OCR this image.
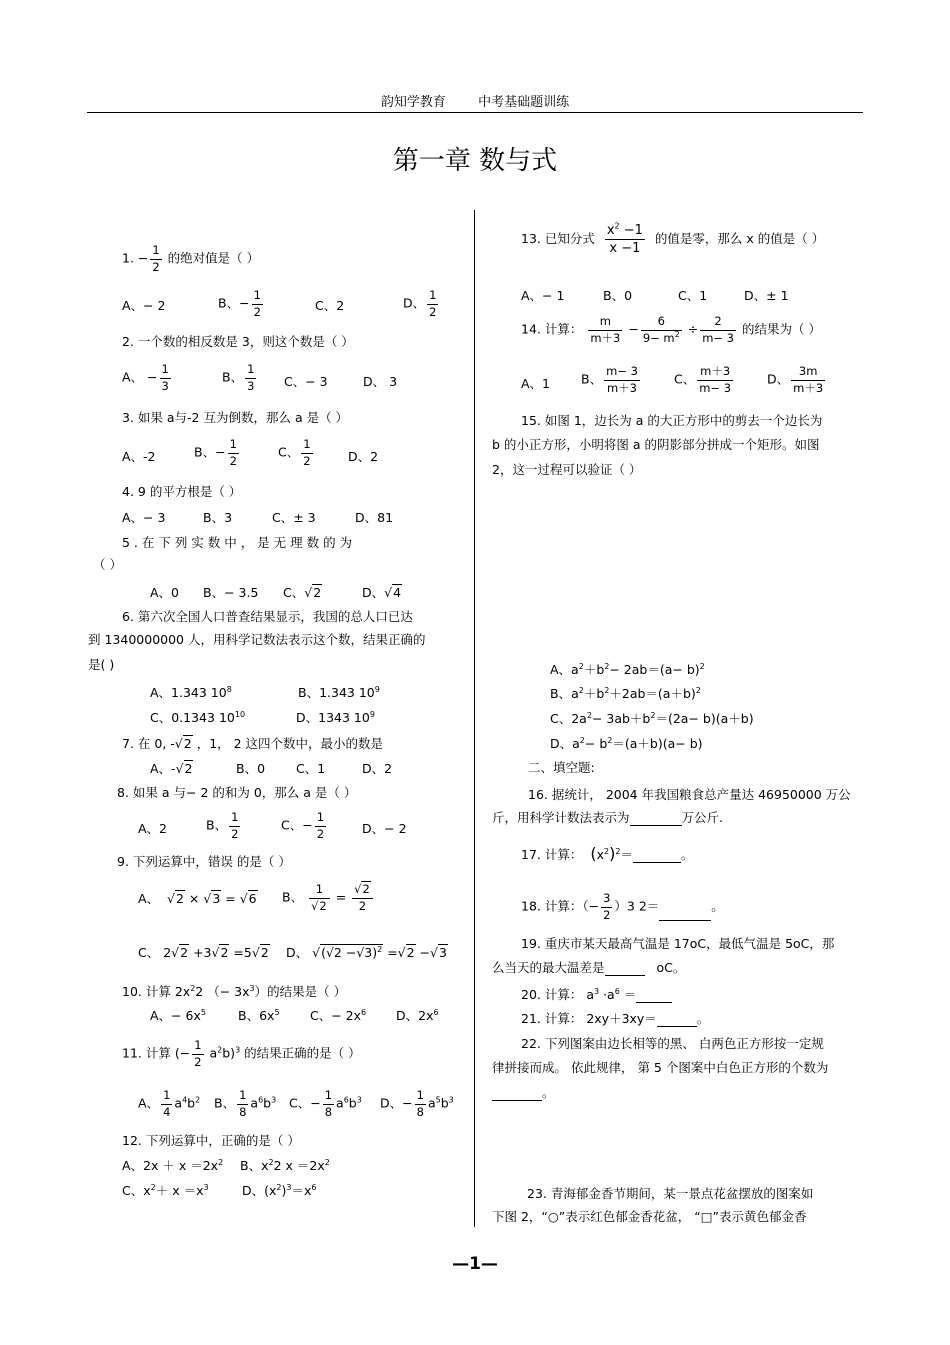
韵知学教育 中考基础题训练
第一章 数与式
1. − $\frac{1}{2}$ 的绝对值是（ ）
A、− 2	B、− $\frac{1}{2}$	C、2	D、 $\frac{1}{2}$
2. 一个数的相反数是 3，则这个数是（ ）
A、 − $\frac{1}{3}$	B、 $\frac{1}{3}$ C、− 3	D、 3
3. 如果 a与-2 互为倒数，那么 a 是（ ）
A、-2	B、− $\frac{1}{2}$	C、 $\frac{1}{2}$	D、2
4. 9 的平方根是（ ）
A、− 3	B、3	C、± 3	D、81
5 . 在 下 列 实 数 中 ， 是 无 理 数 的 为
（ ）
A、0 B、− 3.5 C、√2	D、√4
6. 第六次全国人口普查结果显示，我国的总人口已达
到 1340000000 人，用科学记数法表示这个数，结果正确的
是( )
A、1.343 $10^8$	B、1.343 $10^9$
C、0.1343 $10^{10}$	D、1343 $10^9$
7. 在 0, -√2 ，1， 2 这四个数中，最小的数是
A、-√2	B、0 C、1	D、2
8. 如果 a 与− 2 的和为 0，那么 a 是（ ）
A、2	B、 $\frac{1}{2}$	C、− $\frac{1}{2}$	D、− 2
9. 下列运算中，错误 的是（ ）
A、  √2 × √3 = √6 B、 $\frac{1}{√2} = \frac{√2}{2}$
C、 2√2 +3√2 =5√2 D、 $√(√2 -√3)^2 =√2 -√3$
10. 计算 $2x^22$ （− $3x^3$）的结果是（ ）
A、− $6x^5$	B、$6x^5$ C、− $2x^6$ D、$2x^6$
11. 计算 (− $\frac{1}{2} a^2b)^3$ 的结果正确的是（ ）
A、 $\frac{1}{4} a^4b^2$ B、 $\frac{1}{8} a^6b^3$ C、− $\frac{1}{8} a^6b^3$ D、− $\frac{1}{8} a^5b^3$
12. 下列运算中，正确的是（ ）
A、$2x + x =2x^2$ B、$x^22$ $x =2x^2$
C、$x^2+ x =x^3$	D、$(x^2)^3=x^6$
13. 已知分式 $\frac{x^2 -1}{x -1}$ 的值是零，那么 x 的值是（ ）
A、− 1	B、0	C、1	D、± 1
14. 计算： $\frac{m}{m+3} - \frac{6}{9- m^2} \div \frac{2}{m- 3}$ 的结果为（ ）
A、1 B、 $\frac{m- 3}{m+3}$	C、 $\frac{m+3}{m- 3}$	D、 $\frac{3m}{m+3}$
15. 如图 1，边长为 a 的大正方形中的剪去一个边长为
b 的小正方形，小明将图 a 的阴影部分拼成一个矩形。如图
2，这一过程可以验证（ ）
A、$a^2+b^2- 2ab=(a- b)^2$
B、$a^2+b^2+2ab=(a+b)^2$
C、$2a^2- 3ab+b^2=(2a- b)(a+b)$
D、$a^2- b^2=(a+b)(a- b)$
二、填空题:
16. 据统计， 2004 年我国粮食总产量达 46950000 万公
斤，用科学计数法表示为	万公斤.
17. 计算： $(x^2)^2=$	。
18. 计算：（− $\frac{3}{2} )3$ 2＝	。
19. 重庆市某天最高气温是 17oC，最低气温是 5oC，那
么当天的最大温差是	oC。
20. 计算： $a^3 \cdot a^6$ ＝
21. 计算： 2xy＋3xy＝	。
22. 下列图案由边长相等的黑、 白两色正方形按一定规
律拼接而成。 依此规律， 第 5 个图案中白色正方形的个数为
。
23. 青海郁金香节期间，某一景点花盆摆放的图案如
下图 2，“○”表示红色郁金香花盆， “□”表示黄色郁金香
—1—
